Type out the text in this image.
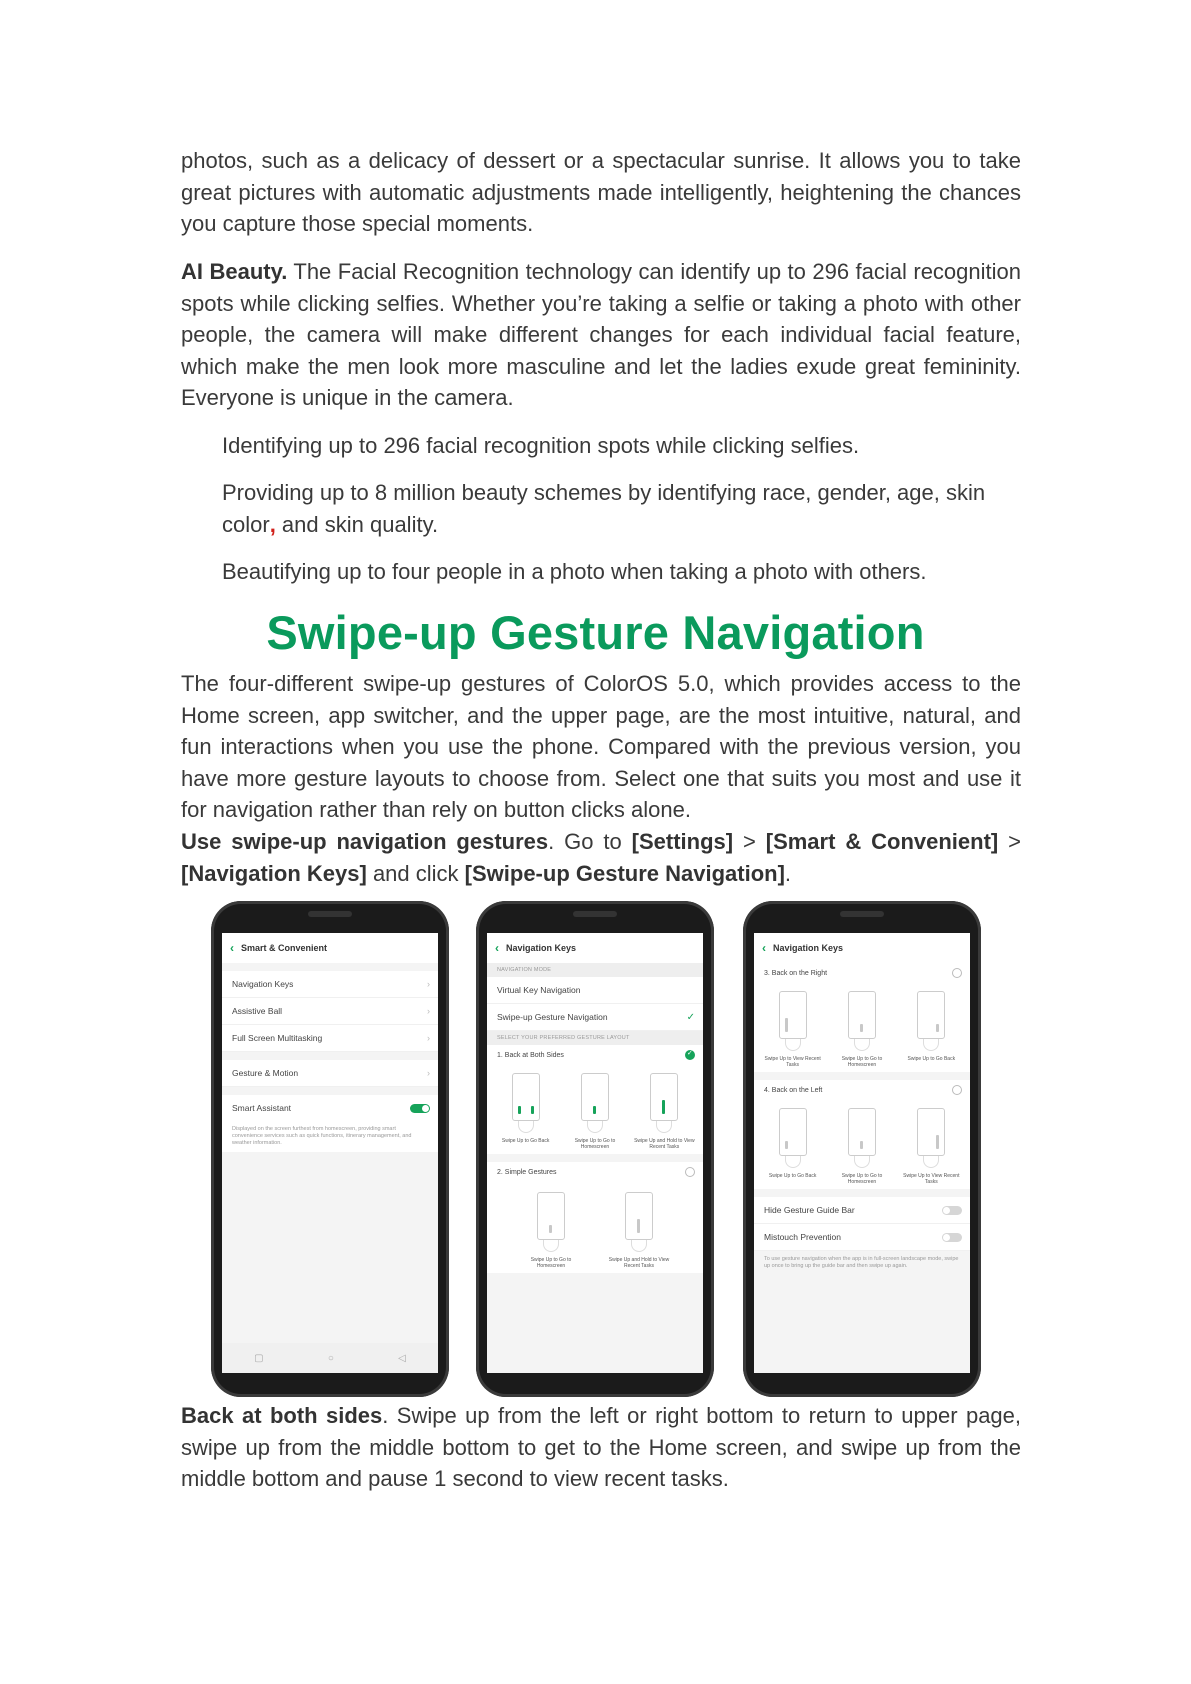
photos, such as a delicacy of dessert or a spectacular sunrise. It allows you to take great pictures with automatic adjustments made intelligently, heightening the chances you capture those special moments.

AI Beauty. The Facial Recognition technology can identify up to 296 facial recognition spots while clicking selfies. Whether you’re taking a selfie or taking a photo with other people, the camera will make different changes for each individual facial feature, which make the men look more masculine and let the ladies exude great femininity. Everyone is unique in the camera.

Identifying up to 296 facial recognition spots while clicking selfies.
Providing up to 8 million beauty schemes by identifying race, gender, age, skin color, and skin quality.
Beautifying up to four people in a photo when taking a photo with others.
Swipe-up Gesture Navigation

The four-different swipe-up gestures of ColorOS 5.0, which provides access to the Home screen, app switcher, and the upper page, are the most intuitive, natural, and fun interactions when you use the phone. Compared with the previous version, you have more gesture layouts to choose from. Select one that suits you most and use it for navigation rather than rely on button clicks alone.

Use swipe-up navigation gestures. Go to [Settings] > [Smart & Convenient] > [Navigation Keys] and click [Swipe-up Gesture Navigation].

‹ Smart & Convenient
Navigation Keys	›
Assistive Ball	›
Full Screen Multitasking	›
Gesture & Motion	›
Smart Assistant
Displayed on the screen furthest from homescreen, providing smart convenience services such as quick functions, itinerary management, and weather information.
▢	○	◁
‹ Navigation Keys
NAVIGATION MODE
Virtual Key Navigation
Swipe-up Gesture Navigation	✓
SELECT YOUR PREFERRED GESTURE LAYOUT
1. Back at Both Sides
✓
Swipe Up to Go Back	Swipe Up to Go to Homescreen
Swipe Up and Hold to View Recent Tasks
2. Simple Gestures
Swipe Up to Go to Homescreen
Swipe Up and Hold to View Recent Tasks
‹ Navigation Keys
3. Back on the Right
Swipe Up to View Recent Tasks
Swipe Up to Go to Homescreen
Swipe Up to Go Back
4. Back on the Left
Swipe Up to Go Back	Swipe Up to Go to Homescreen
Swipe Up to View Recent Tasks
Hide Gesture Guide Bar
Mistouch Prevention
To use gesture navigation when the app is in full-screen landscape mode, swipe up once to bring up the guide bar and then swipe up again.

Back at both sides. Swipe up from the left or right bottom to return to upper page, swipe up from the middle bottom to get to the Home screen, and swipe up from the middle bottom and pause 1 second to view recent tasks.
